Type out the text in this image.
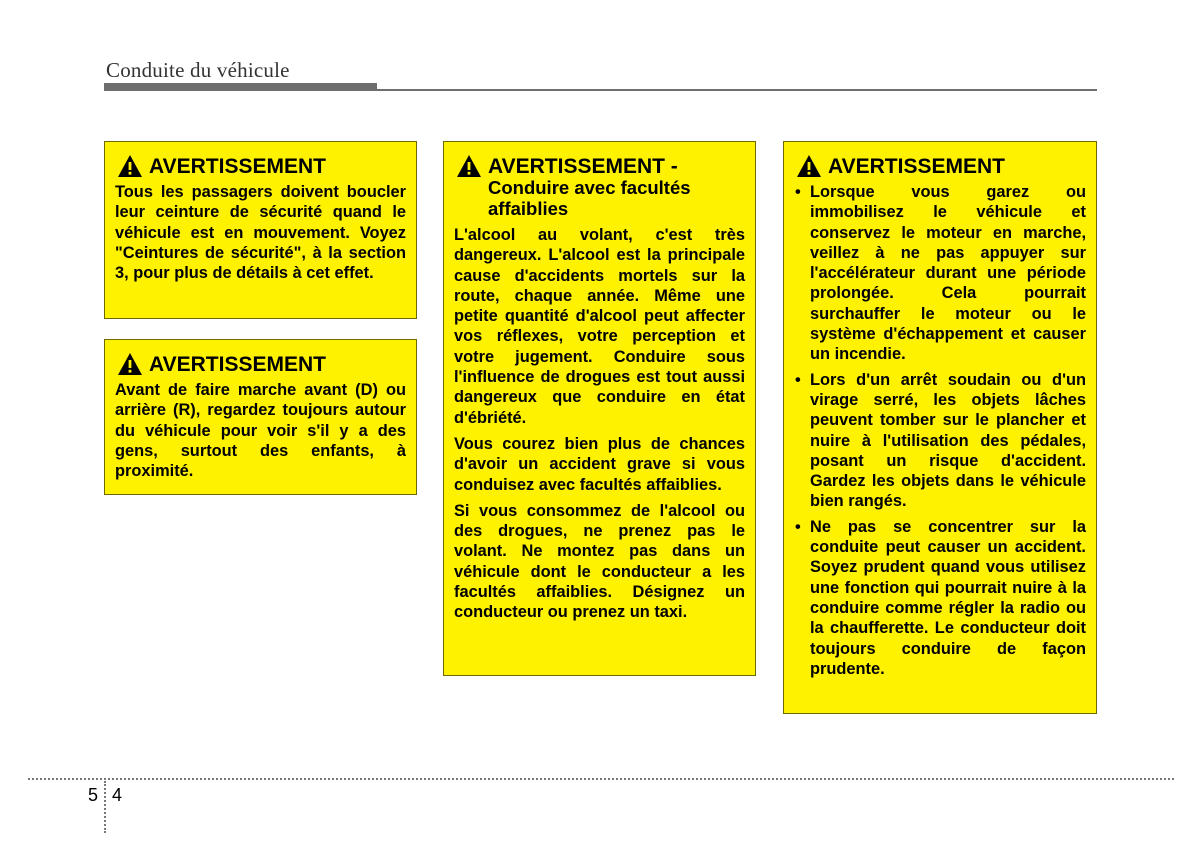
Conduite du véhicule
AVERTISSEMENT

Tous les passagers doivent boucler leur ceinture de sécurité quand le véhicule est en mouvement. Voyez "Ceintures de sécurité", à la section 3, pour plus de détails à cet effet.

AVERTISSEMENT

Avant de faire marche avant (D) ou arrière (R), regardez toujours autour du véhicule pour voir s'il y a des gens, surtout des enfants, à proximité.

AVERTISSEMENT -
Conduire avec facultés
affaiblies

L'alcool au volant, c'est très dangereux. L'alcool est la principale cause d'accidents mortels sur la route, chaque année. Même une petite quantité d'alcool peut affecter vos réflexes, votre perception et votre jugement. Conduire sous l'influence de drogues est tout aussi dangereux que conduire en état d'ébriété.

Vous courez bien plus de chances d'avoir un accident grave si vous conduisez avec facultés affaiblies.

Si vous consommez de l'alcool ou des drogues, ne prenez pas le volant. Ne montez pas dans un véhicule dont le conducteur a les facultés affaiblies. Désignez un conducteur ou prenez un taxi.

AVERTISSEMENT
• Lorsque vous garez ou immobilisez le véhicule et conservez le moteur en marche, veillez à ne pas appuyer sur l'accélérateur durant une période prolongée. Cela pourrait surchauffer le moteur ou le système d'échappement et causer un incendie.
• Lors d'un arrêt soudain ou d'un virage serré, les objets lâches peuvent tomber sur le plancher et nuire à l'utilisation des pédales, posant un risque d'accident. Gardez les objets dans le véhicule bien rangés.
• Ne pas se concentrer sur la conduite peut causer un accident. Soyez prudent quand vous utilisez une fonction qui pourrait nuire à la conduire comme régler la radio ou la chaufferette. Le conducteur doit toujours conduire de façon prudente.
5 4
